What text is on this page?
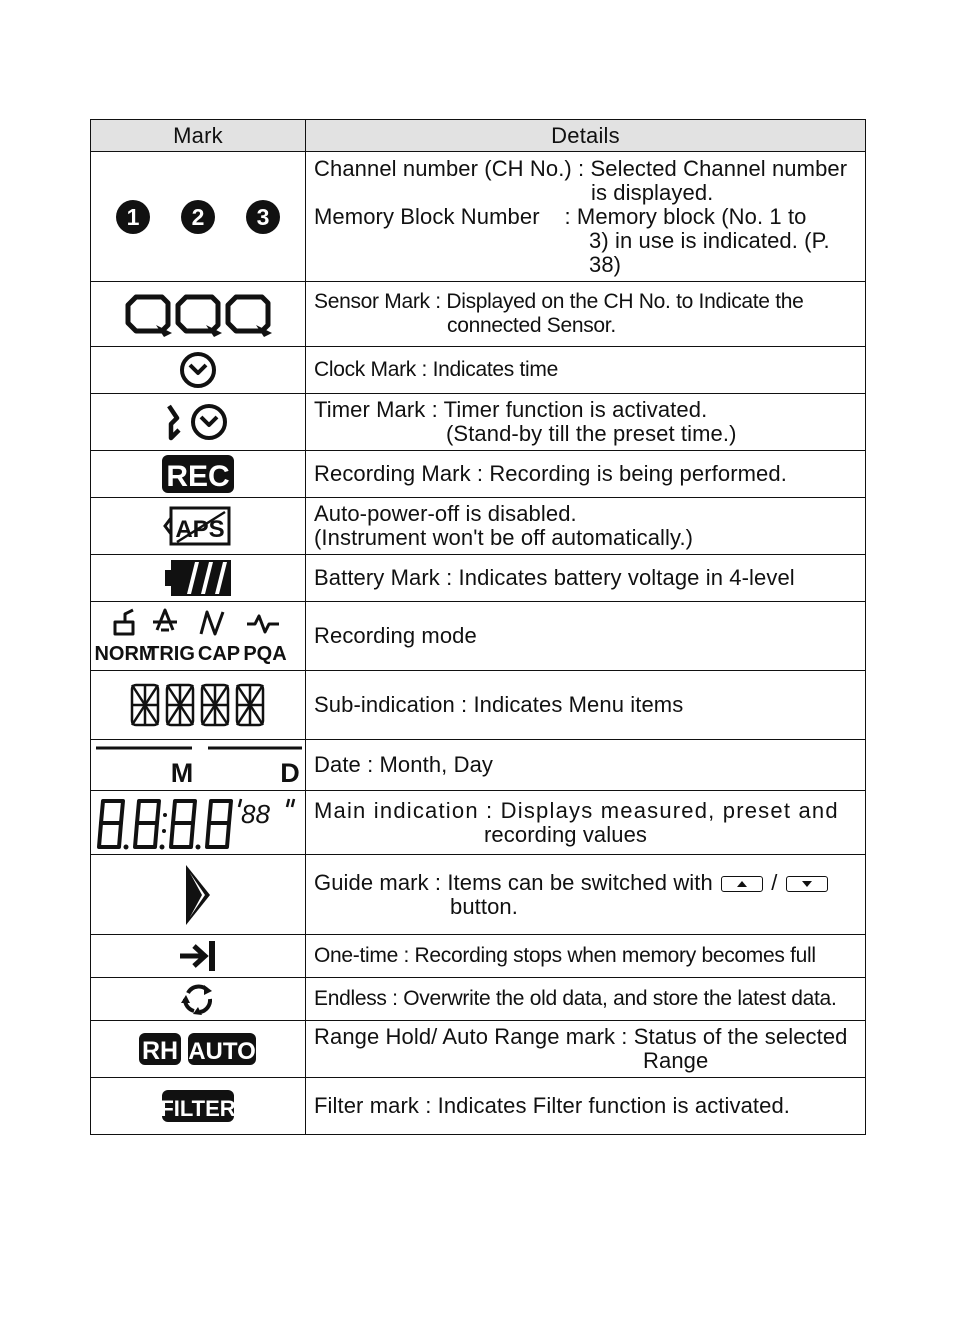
Mark	Details

1 2 3	Channel number (CH No.) : Selected Channel number
is displayed.
Memory Block Number    : Memory block (No. 1 to
3) in use is indicated. (P.
38)

Sensor Mark : Displayed on the CH No. to Indicate the
connected Sensor.

Clock Mark : Indicates time

Timer Mark : Timer function is activated.
(Stand-by till the preset time.)

REC	Recording Mark : Recording is being performed.

APS	Auto-power-off is disabled.
(Instrument won't be off automatically.)

Battery Mark : Indicates battery voltage in 4-level

NORM
TRIG CAP PQA	Recording mode

Sub-indication : Indicates Menu items

M D	Date : Month, Day

88	Main indication : Displays measured, preset and
recording values

Guide mark : Items can be switched with /
button.

One-time : Recording stops when memory becomes full

Endless : Overwrite the old data, and store the latest data.

RH AUTO	Range Hold/ Auto Range mark : Status of the selected
Range

FILTER	Filter mark : Indicates Filter function is activated.
